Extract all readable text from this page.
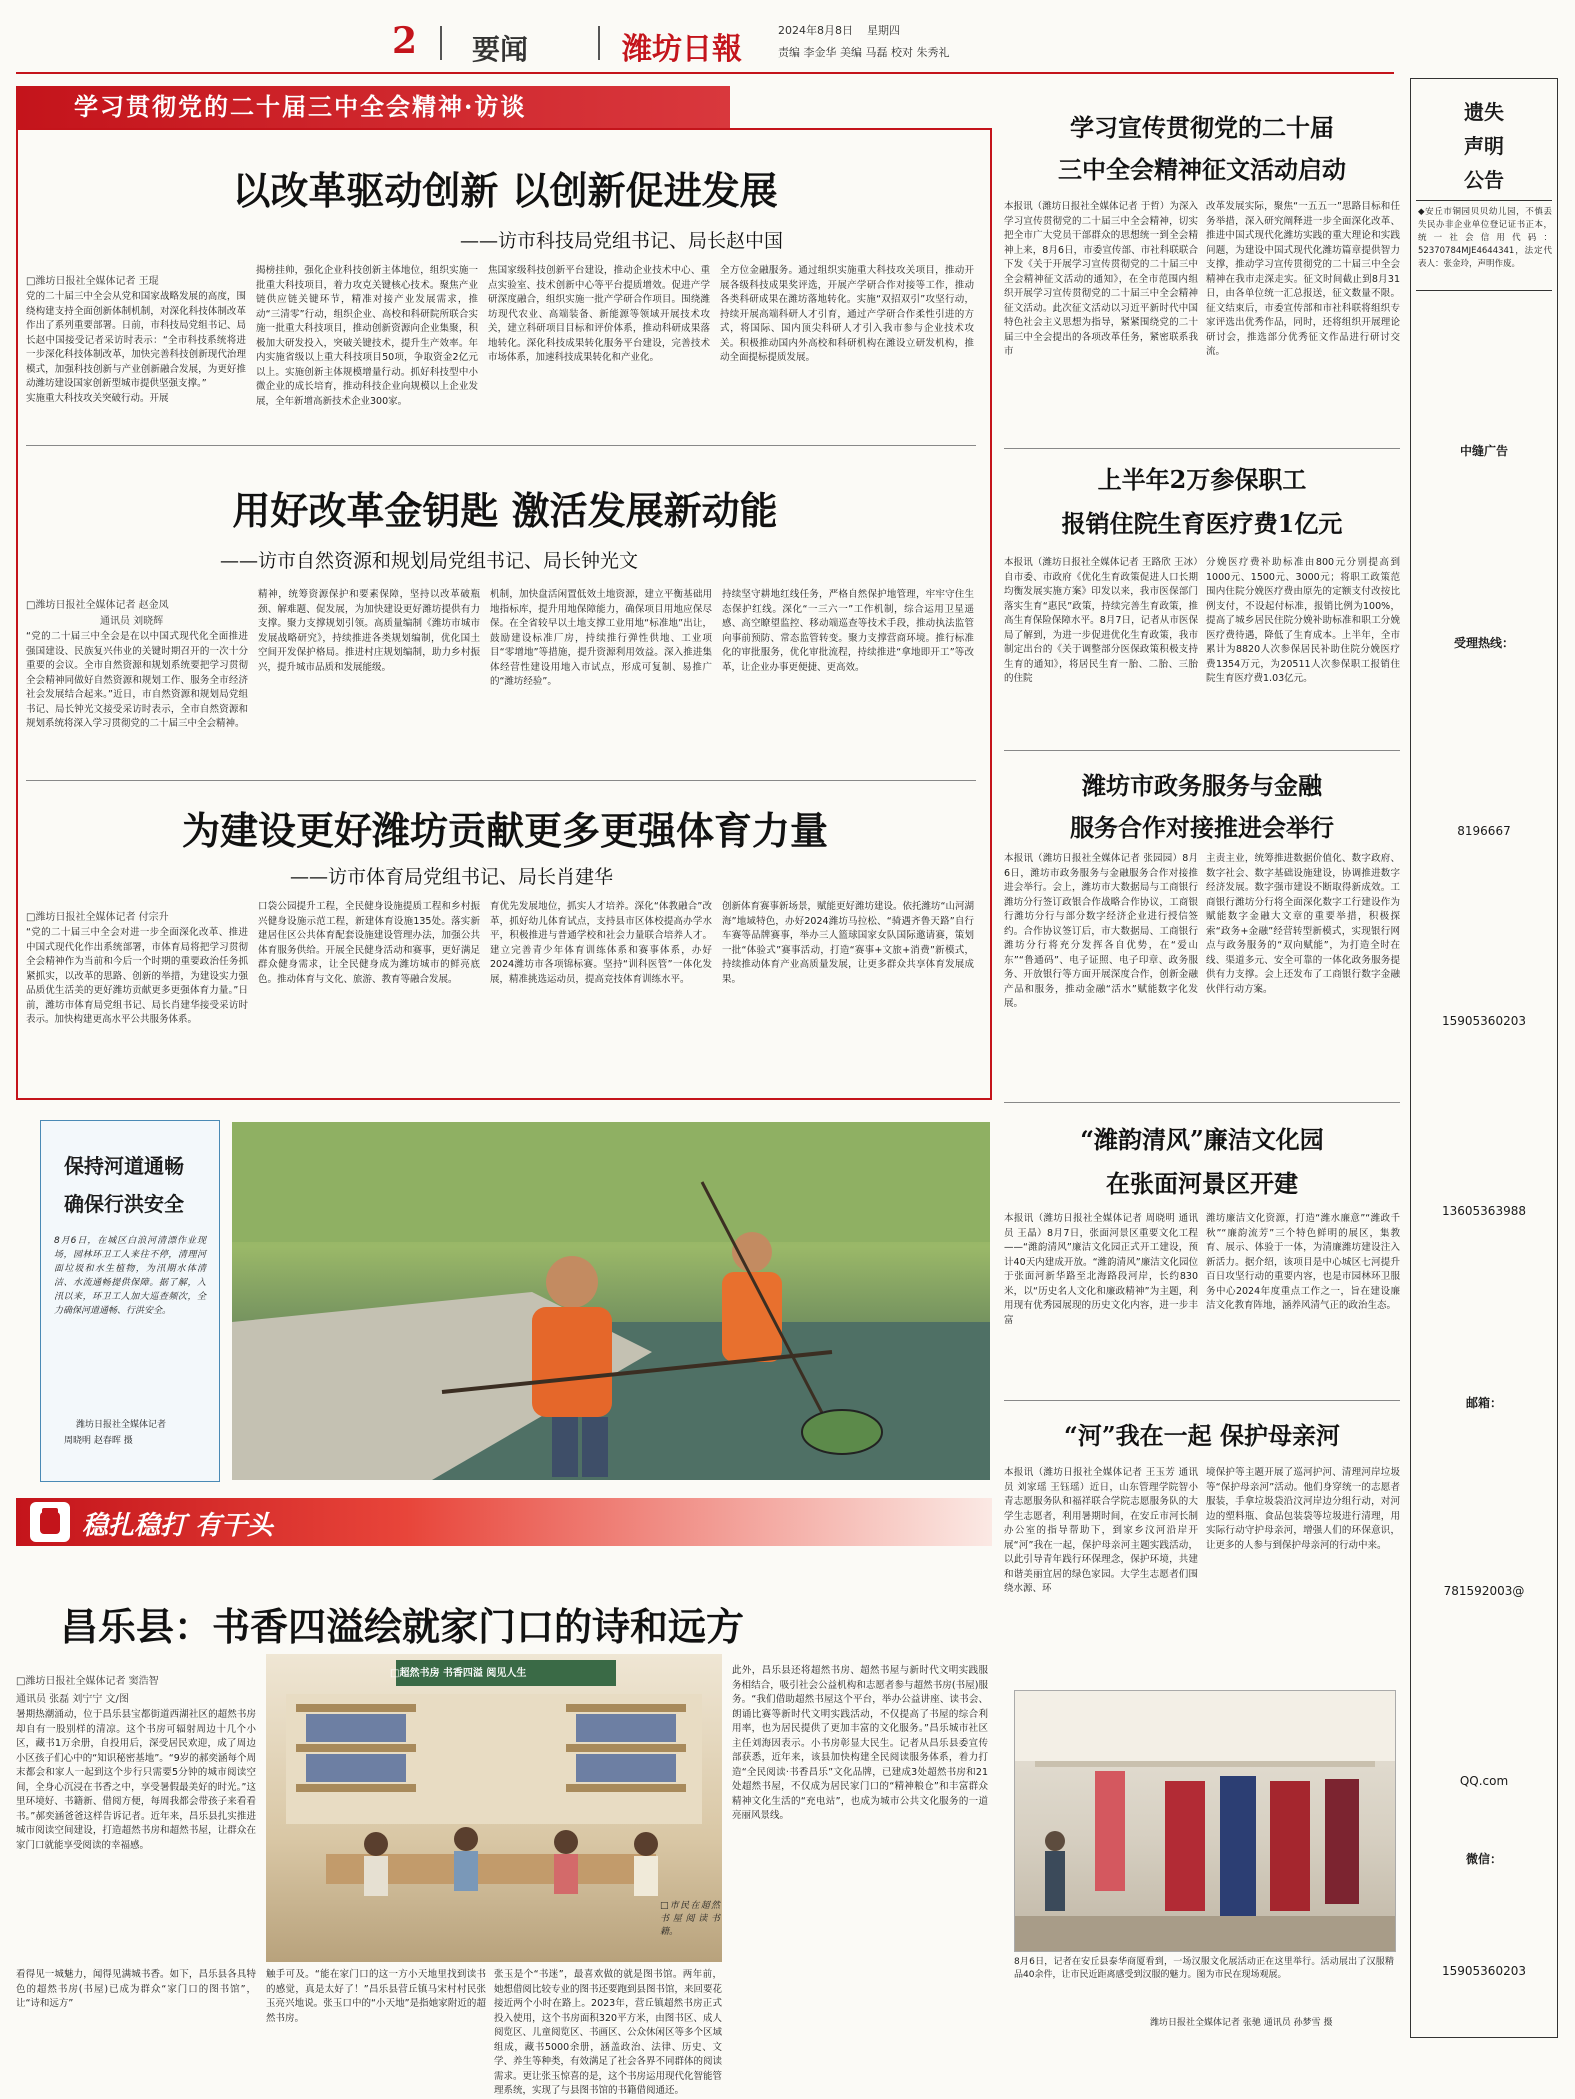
2 要闻	潍坊日報
2024年8月8日 星期四
责编 李金华 美编 马磊 校对 朱秀礼
学习贯彻党的二十届三中全会精神·访谈
以改革驱动创新 以创新促进发展
——访市科技局党组书记、局长赵中国
□潍坊日报社全媒体记者 王琨
党的二十届三中全会从党和国家战略发展的高度，围绕构建支持全面创新体制机制，对深化科技体制改革作出了系列重要部署。日前，市科技局党组书记、局长赵中国接受记者采访时表示：“全市科技系统将进一步深化科技体制改革，加快完善科技创新现代治理模式，加强科技创新与产业创新融合发展，为更好推动潍坊建设国家创新型城市提供坚强支撑。”
实施重大科技攻关突破行动。开展
揭榜挂帅，强化企业科技创新主体地位，组织实施一批重大科技项目，着力攻克关键核心技术。聚焦产业链供应链关键环节，精准对接产业发展需求，推动“三清零”行动，组织企业、高校和科研院所联合实施一批重大科技项目，推动创新资源向企业集聚，积极加大研发投入，突破关键技术，提升生产效率。年内实施省级以上重大科技项目50项，争取资金2亿元以上。实施创新主体规模增量行动。抓好科技型中小微企业的成长培育，推动科技企业向规模以上企业发展，全年新增高新技术企业300家。
焦国家级科技创新平台建设，推动企业技术中心、重点实验室、技术创新中心等平台提质增效。促进产学研深度融合，组织实施一批产学研合作项目。围绕潍坊现代农业、高端装备、新能源等领域开展技术攻关，建立科研项目目标和评价体系，推动科研成果落地转化。深化科技成果转化服务平台建设，完善技术市场体系，加速科技成果转化和产业化。
全方位金融服务。通过组织实施重大科技攻关项目，推动开展各级科技成果奖评选，开展产学研合作对接等工作，推动各类科研成果在潍坊落地转化。实施“双招双引”攻坚行动，持续开展高端科研人才引育，通过产学研合作柔性引进的方式，将国际、国内顶尖科研人才引入我市参与企业技术攻关。积极推动国内外高校和科研机构在潍设立研发机构，推动全面提标提质发展。
用好改革金钥匙 激活发展新动能
——访市自然资源和规划局党组书记、局长钟光文
□潍坊日报社全媒体记者 赵金凤
通讯员 刘晓辉
“党的二十届三中全会是在以中国式现代化全面推进强国建设、民族复兴伟业的关键时期召开的一次十分重要的会议。全市自然资源和规划系统要把学习贯彻全会精神同做好自然资源和规划工作、服务全市经济社会发展结合起来。”近日，市自然资源和规划局党组书记、局长钟光文接受采访时表示，全市自然资源和规划系统将深入学习贯彻党的二十届三中全会精神。
精神，统筹资源保护和要素保障，坚持以改革破瓶颈、解难题、促发展，为加快建设更好潍坊提供有力支撑。聚力支撑规划引领。高质量编制《潍坊市城市发展战略研究》，持续推进各类规划编制，优化国土空间开发保护格局。推进村庄规划编制，助力乡村振兴，提升城市品质和发展能级。
机制，加快盘活闲置低效土地资源，建立平衡基础用地指标库，提升用地保障能力，确保项目用地应保尽保。在全省较早以土地支撑工业用地“标准地”出让，鼓励建设标准厂房，持续推行弹性供地、工业项目“零增地”等措施，提升资源利用效益。深入推进集体经营性建设用地入市试点，形成可复制、易推广的“潍坊经验”。
持续坚守耕地红线任务，严格自然保护地管理，牢牢守住生态保护红线。深化“一三六一”工作机制，综合运用卫星遥感、高空瞭望监控、移动端巡查等技术手段，推动执法监管向事前预防、常态监管转变。聚力支撑营商环境。推行标准化的审批服务，优化审批流程，持续推进“拿地即开工”等改革，让企业办事更便捷、更高效。
为建设更好潍坊贡献更多更强体育力量
——访市体育局党组书记、局长肖建华
□潍坊日报社全媒体记者 付宗升
“党的二十届三中全会对进一步全面深化改革、推进中国式现代化作出系统部署，市体育局将把学习贯彻全会精神作为当前和今后一个时期的重要政治任务抓紧抓实，以改革的思路、创新的举措，为建设实力强品质优生活美的更好潍坊贡献更多更强体育力量。”日前，潍坊市体育局党组书记、局长肖建华接受采访时表示。加快构建更高水平公共服务体系。
口袋公园提升工程，全民健身设施提质工程和乡村振兴健身设施示范工程，新建体育设施135处。落实新建居住区公共体育配套设施建设管理办法，加强公共体育服务供给。开展全民健身活动和赛事，更好满足群众健身需求，让全民健身成为潍坊城市的鲜亮底色。推动体育与文化、旅游、教育等融合发展。
育优先发展地位，抓实人才培养。深化“体教融合”改革，抓好幼儿体育试点，支持县市区体校提高办学水平，积极推进与普通学校和社会力量联合培养人才。建立完善青少年体育训练体系和赛事体系，办好2024潍坊市各项锦标赛。坚持“训科医管”一体化发展，精准挑选运动员，提高竞技体育训练水平。
创新体育赛事新场景，赋能更好潍坊建设。依托潍坊“山河湖海”地域特色，办好2024潍坊马拉松、“骑遇齐鲁天路”自行车赛等品牌赛事，举办三人篮球国家女队国际邀请赛，策划一批“体验式”赛事活动，打造“赛事+文旅+消费”新模式，持续推动体育产业高质量发展，让更多群众共享体育发展成果。
学习宣传贯彻党的二十届
三中全会精神征文活动启动
本报讯（潍坊日报社全媒体记者 于哲）为深入学习宣传贯彻党的二十届三中全会精神，切实把全市广大党员干部群众的思想统一到全会精神上来，8月6日，市委宣传部、市社科联联合下发《关于开展学习宣传贯彻党的二十届三中全会精神征文活动的通知》，在全市范围内组织开展学习宣传贯彻党的二十届三中全会精神征文活动。此次征文活动以习近平新时代中国特色社会主义思想为指导，紧紧围绕党的二十届三中全会提出的各项改革任务，紧密联系我市
改革发展实际，聚焦“一五五一”思路目标和任务举措，深入研究阐释进一步全面深化改革、推进中国式现代化潍坊实践的重大理论和实践问题，为建设中国式现代化潍坊篇章提供智力支撑，推动学习宣传贯彻党的二十届三中全会精神在我市走深走实。征文时间截止到8月31日，由各单位统一汇总报送，征文数量不限。征文结束后，市委宣传部和市社科联将组织专家评选出优秀作品，同时，还将组织开展理论研讨会，推选部分优秀征文作品进行研讨交流。
上半年2万参保职工
报销住院生育医疗费1亿元
本报讯（潍坊日报社全媒体记者 王路欣 王冰）自市委、市政府《优化生育政策促进人口长期均衡发展实施方案》印发以来，我市医保部门落实生育“惠民”政策，持续完善生育政策，推高生育保险保障水平。8月7日，记者从市医保局了解到，为进一步促进优化生育政策，我市制定出台的《关于调整部分医保政策积极支持生育的通知》，将居民生育一胎、二胎、三胎的住院
分娩医疗费补助标准由800元分别提高到1000元、1500元、3000元；将职工政策范围内住院分娩医疗费由原先的定额支付改按比例支付，不设起付标准，报销比例为100%，提高了城乡居民住院分娩补助标准和职工分娩医疗费待遇，降低了生育成本。上半年，全市累计为8820人次参保居民补助住院分娩医疗费1354万元，为20511人次参保职工报销住院生育医疗费1.03亿元。
潍坊市政务服务与金融
服务合作对接推进会举行
本报讯（潍坊日报社全媒体记者 张园园）8月6日，潍坊市政务服务与金融服务合作对接推进会举行。会上，潍坊市大数据局与工商银行潍坊分行签订政银合作战略合作协议，工商银行潍坊分行与部分数字经济企业进行授信签约。合作协议签订后，市大数据局、工商银行潍坊分行将充分发挥各自优势，在“爱山东”“鲁通码”、电子证照、电子印章、政务服务、开放银行等方面开展深度合作，创新金融产品和服务，推动金融“活水”赋能数字化发展。
主责主业，统筹推进数据价值化、数字政府、数字社会、数字基础设施建设，协调推进数字经济发展。数字强市建设不断取得新成效。工商银行潍坊分行将全面深化数字工行建设作为赋能数字金融大文章的重要举措，积极探索“政务+金融”经营转型新模式，实现银行网点与政务服务的“双向赋能”，为打造全时在线、渠道多元、安全可靠的一体化政务服务提供有力支撑。会上还发布了工商银行数字金融伙伴行动方案。
“潍韵清风”廉洁文化园
在张面河景区开建
本报讯（潍坊日报社全媒体记者 周晓明 通讯员 王晶）8月7日，张面河景区重要文化工程——“潍韵清风”廉洁文化园正式开工建设，预计40天内建成开放。“潍韵清风”廉洁文化园位于张面河新华路至北海路段河岸，长约830米，以“历史名人文化和廉政精神”为主题，利用现有优秀园展现的历史文化内容，进一步丰富
潍坊廉洁文化资源，打造“潍水廉意”“潍政千秋”“廉韵流芳”三个特色鲜明的展区，集教育、展示、体验于一体，为清廉潍坊建设注入新活力。据介绍，该项目是中心城区七河提升百日攻坚行动的重要内容，也是市园林环卫服务中心2024年度重点工作之一，旨在建设廉洁文化教育阵地，涵养风清气正的政治生态。
“河”我在一起 保护母亲河
本报讯（潍坊日报社全媒体记者 王玉芳 通讯员 刘家瑶 王钰瑶）近日，山东管理学院智小青志愿服务队和福祥联合学院志愿服务队的大学生志愿者，利用暑期时间，在安丘市河长制办公室的指导帮助下，到家乡汶河沿岸开展“河”我在一起，保护母亲河主题实践活动，以此引导青年践行环保理念，保护环境，共建和谐美丽宜居的绿色家园。大学生志愿者们围绕水源、环
境保护等主题开展了巡河护河、清理河岸垃圾等“保护母亲河”活动。他们身穿统一的志愿者服装，手拿垃圾袋沿汶河岸边分组行动，对河边的塑料瓶、食品包装袋等垃圾进行清理，用实际行动守护母亲河，增强人们的环保意识，让更多的人参与到保护母亲河的行动中来。
8月6日，记者在安丘县泰华商厦看到，一场汉服文化展活动正在这里举行。活动展出了汉服精品40余件，让市民近距离感受到汉服的魅力。图为市民在现场观展。
潍坊日报社全媒体记者 张驰 通讯员 孙梦雪 摄
保持河道通畅
确保行洪安全
8月6日，在城区白浪河清漂作业现场，园林环卫工人来往不停，清理河面垃圾和水生植物，为汛期水体清洁、水流通畅提供保障。据了解，入汛以来，环卫工人加大巡查频次，全力确保河道通畅、行洪安全。
潍坊日报社全媒体记者
周晓明 赵春晖 摄
稳扎稳打 有干头
昌乐县：书香四溢绘就家门口的诗和远方
□潍坊日报社全媒体记者 窦浩智
通讯员 张磊 刘宁宁 文/图
暑期热潮涌动，位于昌乐县宝都街道西湖社区的超然书房却自有一股别样的清凉。这个书房可辐射周边十几个小区，藏书1万余册，自投用后，深受居民欢迎，成了周边小区孩子们心中的“知识秘密基地”。“9岁的郝奕涵每个周末都会和家人一起到这个步行只需要5分钟的城市阅读空间，全身心沉浸在书香之中，享受暑假最美好的时光。”这里环境好、书籍新、借阅方便，每周我都会带孩子来看看书。”郝奕涵爸爸这样告诉记者。近年来，昌乐县扎实推进城市阅读空间建设，打造超然书房和超然书屋，让群众在家门口就能享受阅读的幸福感。
看得见一城魅力，闻得见满城书香。如下，昌乐县各具特色的超然书房(书屋)已成为群众“家门口的图书馆”，让“诗和远方”
□超然书房 书香四溢 阅见人生
□市民在超然书屋阅读书籍。
触手可及。“能在家门口的这一方小天地里找到读书的感觉，真是太好了！”昌乐县营丘镇马宋村村民张玉亮兴地说。张玉口中的“小天地”是指她家附近的超然书房。
张玉是个“书迷”，最喜欢做的就是图书馆。两年前，她想借阅比较专业的图书还要跑到县图书馆，来回要花接近两个小时在路上。2023年，营丘镇超然书房正式投入使用，这个书房面积320平方米，由图书区、成人阅览区、儿童阅览区、书画区、公众休闲区等多个区域组成，藏书5000余册，涵盖政治、法律、历史、文学、养生等种类，有效满足了社会各界不同群体的阅读需求。更让张玉惊喜的是，这个书房运用现代化智能管理系统，实现了与县图书馆的书籍借阅通还。
此外，昌乐县还将超然书房、超然书屋与新时代文明实践服务相结合，吸引社会公益机构和志愿者参与超然书房(书屋)服务。“我们借助超然书屋这个平台，举办公益讲座、读书会、朗诵比赛等新时代文明实践活动，不仅提高了书屋的综合利用率，也为居民提供了更加丰富的文化服务。”昌乐城市社区主任刘海因表示。小书房彰显大民生。记者从昌乐县委宣传部获悉，近年来，该县加快构建全民阅读服务体系，着力打造“全民阅读·书香昌乐”文化品牌，已建成3处超然书房和21处超然书屋，不仅成为居民家门口的“精神粮仓”和丰富群众精神文化生活的“充电站”，也成为城市公共文化服务的一道亮丽风景线。
遗失
声明
公告
◆安丘市铜园贝贝幼儿园，不慎丢失民办非企业单位登记证书正本，统一社会信用代码：52370784MJE4644341，法定代表人：张金玲，声明作废。
中缝广告
受理热线：
8196667
15905360203
13605363988
邮箱：
781592003@
QQ.com
微信：
15905360203
